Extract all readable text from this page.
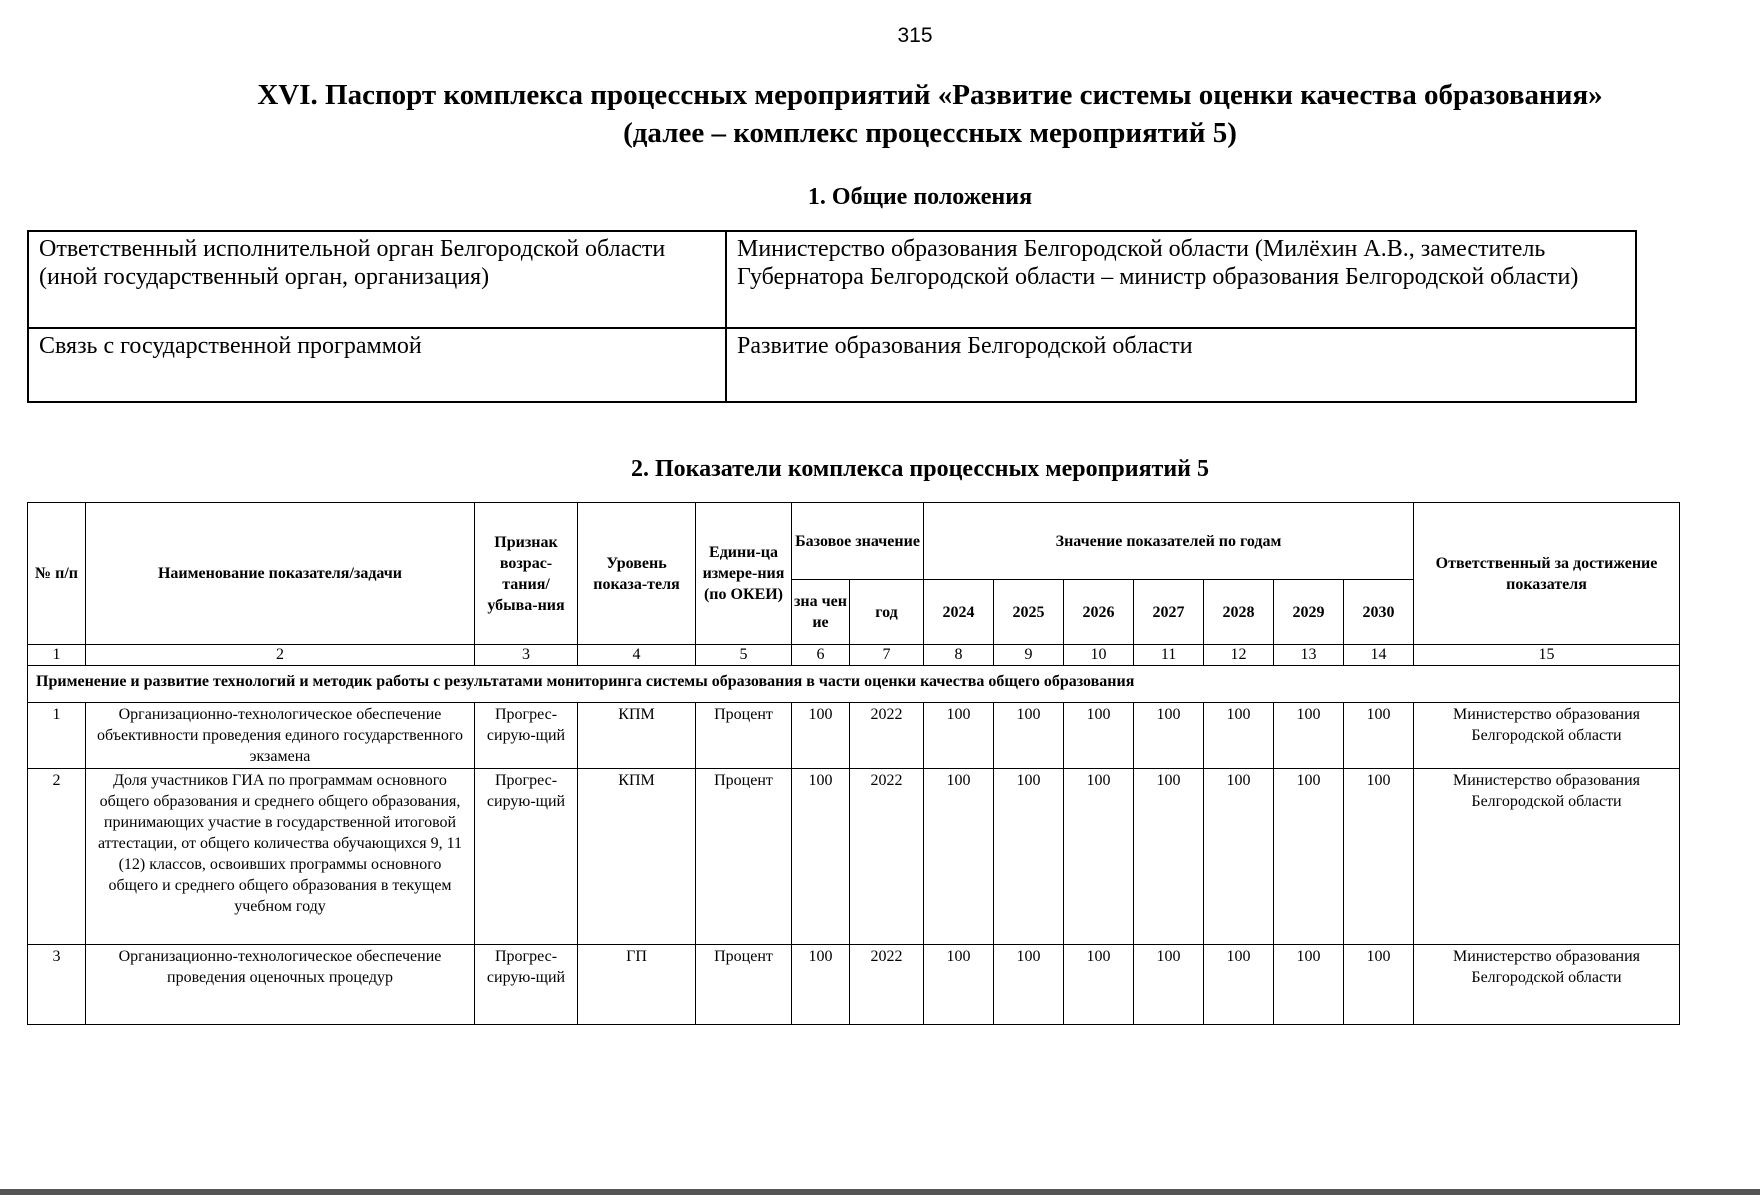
315
XVI. Паспорт комплекса процессных мероприятий «Развитие системы оценки качества образования»
(далее – комплекс процессных мероприятий 5)
1. Общие положения
Ответственный исполнительной орган Белгородской области (иной государственный орган, организация)	Министерство образования Белгородской области (Милёхин А.В., заместитель Губернатора Белгородской области – министр образования Белгородской области)
Связь с государственной программой	Развитие образования Белгородской области
2. Показатели комплекса процессных мероприятий 5
№ п/п	Наименование показателя/задачи	Признак возрас-тания/ убыва-ния	Уровень показа-теля	Едини-ца измере-ния (по ОКЕИ)	Базовое значение		Значение показателей по годам							Ответственный за достижение показателя
					зна чен ие	год	2024	2025	2026	2027	2028	2029	2030	
1	2	3	4	5	6	7	8	9	10	11	12	13	14	15
Применение и развитие технологий и методик работы с результатами мониторинга системы образования в части оценки качества общего образования														
1	Организационно-технологическое обеспечение объективности проведения единого государственного экзамена	Прогрес-сирую-щий	КПМ	Процент	100	2022	100	100	100	100	100	100	100	Министерство образования Белгородской области
2	Доля участников ГИА по программам основного общего образования и среднего общего образования, принимающих участие в государственной итоговой аттестации, от общего количества обучающихся 9, 11 (12) классов, освоивших программы основного общего и среднего общего образования в текущем учебном году	Прогрес-сирую-щий	КПМ	Процент	100	2022	100	100	100	100	100	100	100	Министерство образования Белгородской области
3	Организационно-технологическое обеспечение проведения оценочных процедур	Прогрес-сирую-щий	ГП	Процент	100	2022	100	100	100	100	100	100	100	Министерство образования Белгородской области
